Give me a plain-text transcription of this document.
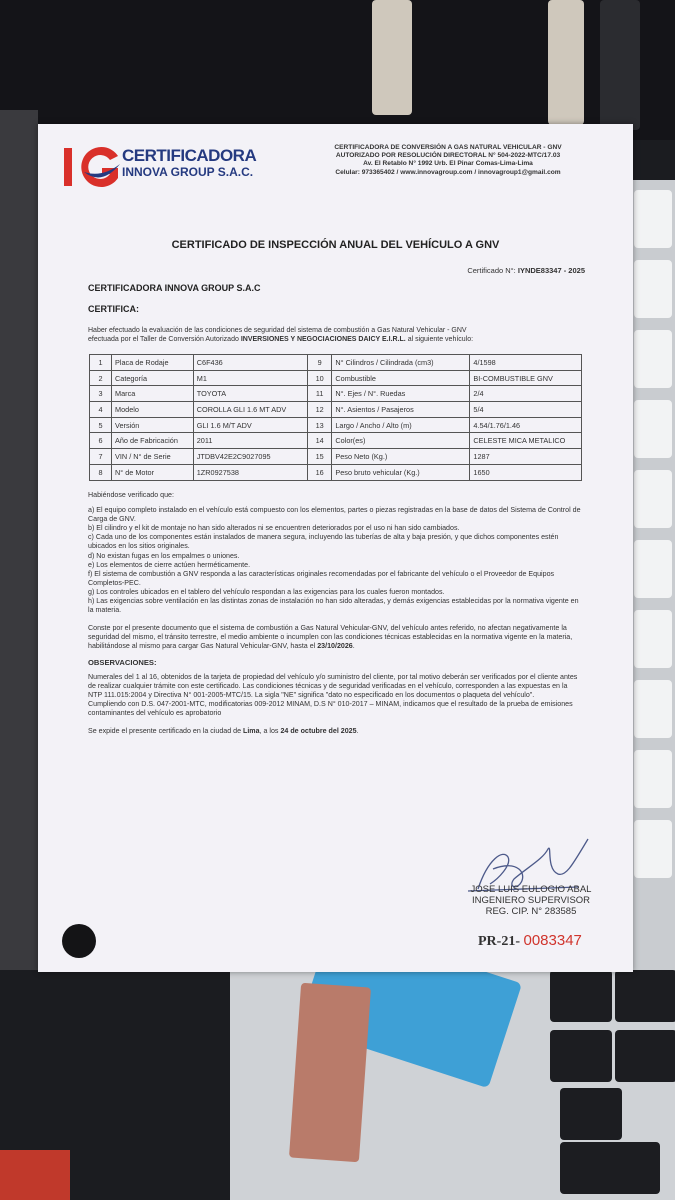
CERTIFICADORA
INNOVA GROUP S.A.C.
CERTIFICADORA DE CONVERSIÓN A GAS NATURAL VEHICULAR - GNV
AUTORIZADO POR RESOLUCIÓN DIRECTORAL N° 504-2022-MTC/17.03
Av. El Retablo N° 1992 Urb. El Pinar Comas-Lima-Lima
Celular: 973365402 / www.innovagroup.com / innovagroup1@gmail.com
CERTIFICADO DE INSPECCIÓN ANUAL DEL VEHÍCULO A GNV
Certificado N°: IYNDE83347 - 2025
CERTIFICADORA INNOVA GROUP S.A.C
CERTIFICA:
Haber efectuado la evaluación de las condiciones de seguridad del sistema de combustión a Gas Natural Vehicular - GNV
efectuada por el Taller de Conversión Autorizado INVERSIONES Y NEGOCIACIONES DAICY E.I.R.L. al siguiente vehículo:
1	Placa de Rodaje	C6F436	9	N° Cilindros / Cilindrada (cm3)	4/1598
2	Categoría	M1	10	Combustible	BI-COMBUSTIBLE GNV
3	Marca	TOYOTA	11	N°. Ejes / N°. Ruedas	2/4
4	Modelo	COROLLA GLI 1.6 MT ADV	12	N°. Asientos / Pasajeros	5/4
5	Versión	GLI 1.6 M/T ADV	13	Largo / Ancho / Alto (m)	4.54/1.76/1.46
6	Año de Fabricación	2011	14	Color(es)	CELESTE MICA METALICO
7	VIN / N° de Serie	JTDBV42E2C9027095	15	Peso Neto (Kg.)	1287
8	N° de Motor	1ZR0927538	16	Peso bruto vehicular (Kg.)	1650

Habiéndose verificado que:

a) El equipo completo instalado en el vehículo está compuesto con los elementos, partes o piezas registradas en la base de datos del Sistema de Control de Carga de GNV.

b) El cilindro y el kit de montaje no han sido alterados ni se encuentren deteriorados por el uso ni han sido cambiados.

c) Cada uno de los componentes están instalados de manera segura, incluyendo las tuberías de alta y baja presión, y que dichos componentes estén ubicados en los sitios originales.

d) No existan fugas en los empalmes o uniones.

e) Los elementos de cierre actúen herméticamente.

f) El sistema de combustión a GNV responda a las características originales recomendadas por el fabricante del vehículo o el Proveedor de Equipos Completos-PEC.

g) Los controles ubicados en el tablero del vehículo respondan a las exigencias para los cuales fueron montados.

h) Las exigencias sobre ventilación en las distintas zonas de instalación no han sido alteradas, y demás exigencias establecidas por la normativa vigente en la materia.

Conste por el presente documento que el sistema de combustión a Gas Natural Vehicular-GNV, del vehículo antes referido, no afectan negativamente la seguridad del mismo, el tránsito terrestre, el medio ambiente o incumplen con las condiciones técnicas establecidas en la normativa vigente en la materia, habilitándose al mismo para cargar Gas Natural Vehicular-GNV, hasta el 23/10/2026.

OBSERVACIONES:

Numerales del 1 al 16, obtenidos de la tarjeta de propiedad del vehículo y/o suministro del cliente, por tal motivo deberán ser verificados por el cliente antes de realizar cualquier trámite con este certificado. Las condiciones técnicas y de seguridad verificadas en el vehículo, corresponden a las expuestas en la NTP 111.015:2004 y Directiva N° 001-2005-MTC/15. La sigla "NE" significa "dato no especificado en los documentos o plaqueta del vehículo".

Cumpliendo con D.S. 047-2001-MTC, modificatorias 009-2012 MINAM, D.S N° 010-2017 – MINAM, indicamos que el resultado de la prueba de emisiones contaminantes del vehículo es aprobatorio

Se expide el presente certificado en la ciudad de Lima, a los 24 de octubre del 2025.

JOSE LUIS EULOGIO ABAL
INGENIERO SUPERVISOR
REG. CIP. N° 283585
PR-21- 0083347
